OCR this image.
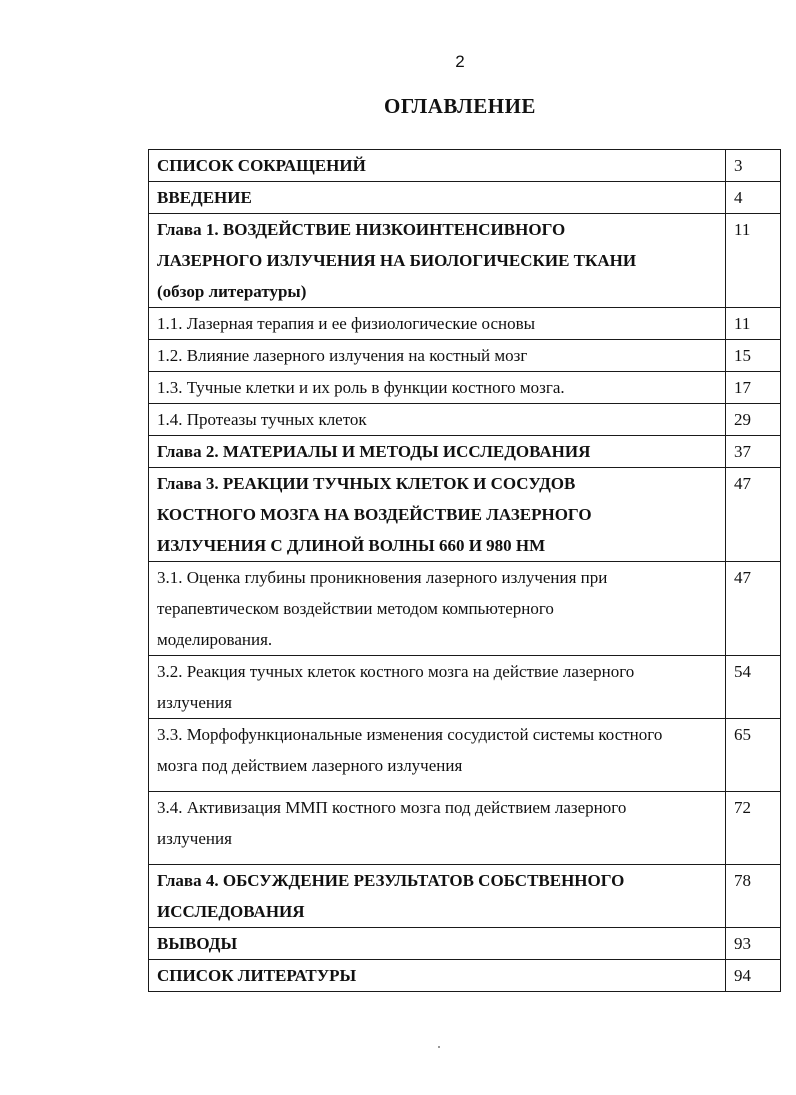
2
ОГЛАВЛЕНИЕ
СПИСОК СОКРАЩЕНИЙ	3
ВВЕДЕНИЕ	4

Глава 1. ВОЗДЕЙСТВИЕ НИЗКОИНТЕНСИВНОГО
ЛАЗЕРНОГО ИЗЛУЧЕНИЯ НА БИОЛОГИЧЕСКИЕ ТКАНИ
(обзор литературы)	11
1.1. Лазерная терапия и ее физиологические основы	11
1.2. Влияние лазерного излучения на костный мозг	15
1.3. Тучные клетки и их роль в функции костного мозга.	17
1.4. Протеазы тучных клеток	29
Глава 2. МАТЕРИАЛЫ И МЕТОДЫ ИССЛЕДОВАНИЯ	37

Глава 3. РЕАКЦИИ ТУЧНЫХ КЛЕТОК И СОСУДОВ
КОСТНОГО МОЗГА НА ВОЗДЕЙСТВИЕ ЛАЗЕРНОГО
ИЗЛУЧЕНИЯ С ДЛИНОЙ ВОЛНЫ 660 И 980 НМ	47

3.1. Оценка глубины проникновения лазерного излучения при
терапевтическом воздействии методом компьютерного
моделирования.	47

3.2. Реакция тучных клеток костного мозга на действие лазерного
излучения	54

3.3. Морфофункциональные изменения сосудистой системы костного
мозга под действием лазерного излучения	65

3.4. Активизация ММП костного мозга под действием лазерного
излучения	72

Глава 4. ОБСУЖДЕНИЕ РЕЗУЛЬТАТОВ СОБСТВЕННОГО
ИССЛЕДОВАНИЯ	78
ВЫВОДЫ	93
СПИСОК ЛИТЕРАТУРЫ	94
